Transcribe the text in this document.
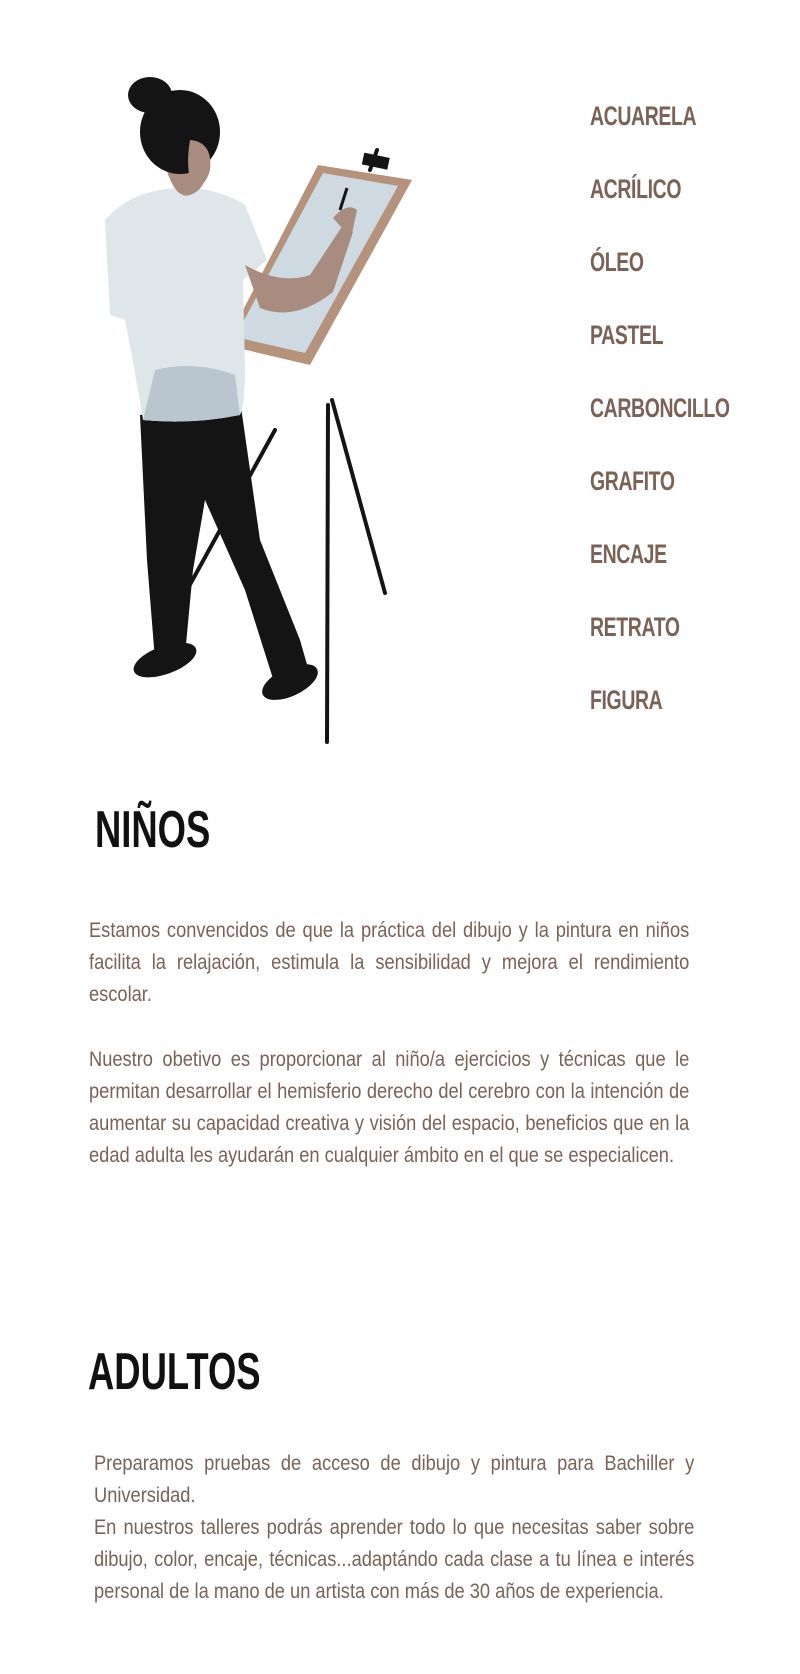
ACUARELA
ACRÍLICO
ÓLEO
PASTEL
CARBONCILLO
GRAFITO
ENCAJE
RETRATO
FIGURA
NIÑOS

Estamos convencidos de que la práctica del dibujo y la pintura en niños facilita la relajación, estimula la sensibilidad y mejora el rendimiento escolar.

Nuestro obetivo es proporcionar al niño/a ejercicios y técnicas que le permitan desarrollar el hemisferio derecho del cerebro con la intención de aumentar su capacidad creativa y visión del espacio, beneficios que en la edad adulta les ayudarán en cualquier ámbito en el que se especialicen.

ADULTOS
Preparamos pruebas de acceso de dibujo y pintura para Bachiller y Universidad.
En nuestros talleres podrás aprender todo lo que necesitas saber sobre dibujo, color, encaje, técnicas...adaptándo cada clase a tu línea e interés personal de la mano de un artista con más de 30 años de experiencia.
